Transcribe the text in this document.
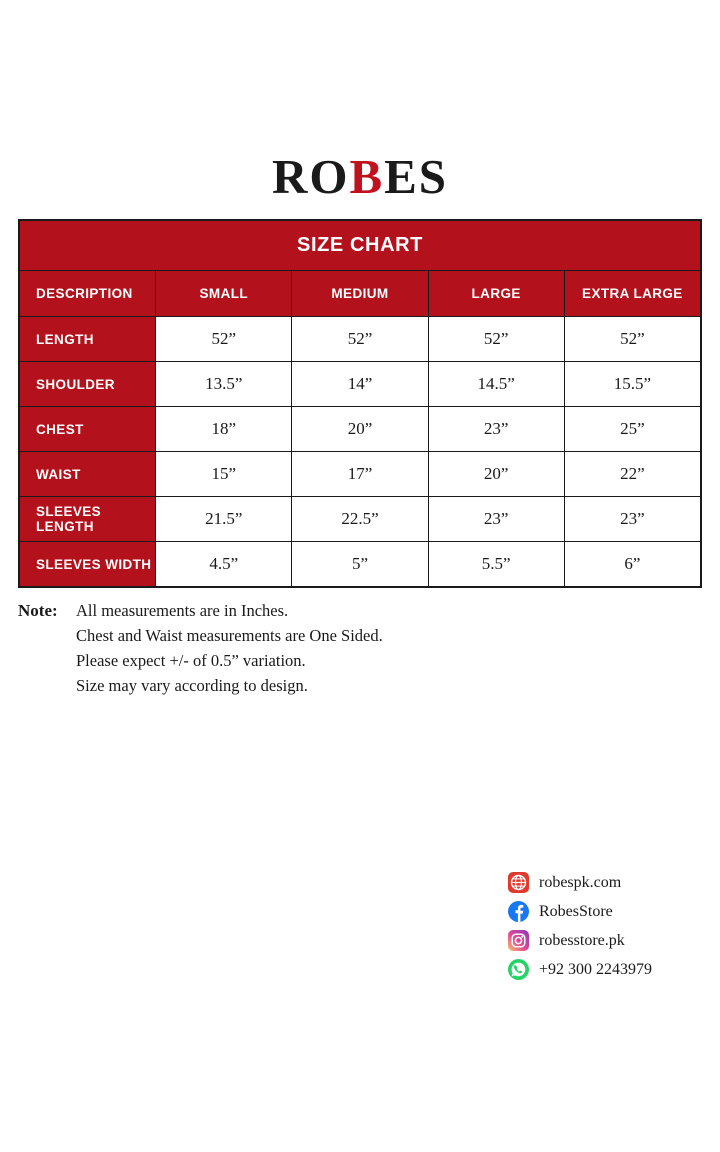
ROBES
SIZE CHART				
DESCRIPTION	SMALL	MEDIUM	LARGE	EXTRA LARGE
LENGTH	52”	52”	52”	52”
SHOULDER	13.5”	14”	14.5”	15.5”
CHEST	18”	20”	23”	25”
WAIST	15”	17”	20”	22”
SLEEVES LENGTH	21.5”	22.5”	23”	23”
SLEEVES WIDTH	4.5”	5”	5.5”	6”
Note:	All measurements are in Inches.
Chest and Waist measurements are One Sided.
Please expect +/- of 0.5” variation.
Size may vary according to design.
robespk.com
RobesStore
robesstore.pk
+92 300 2243979
